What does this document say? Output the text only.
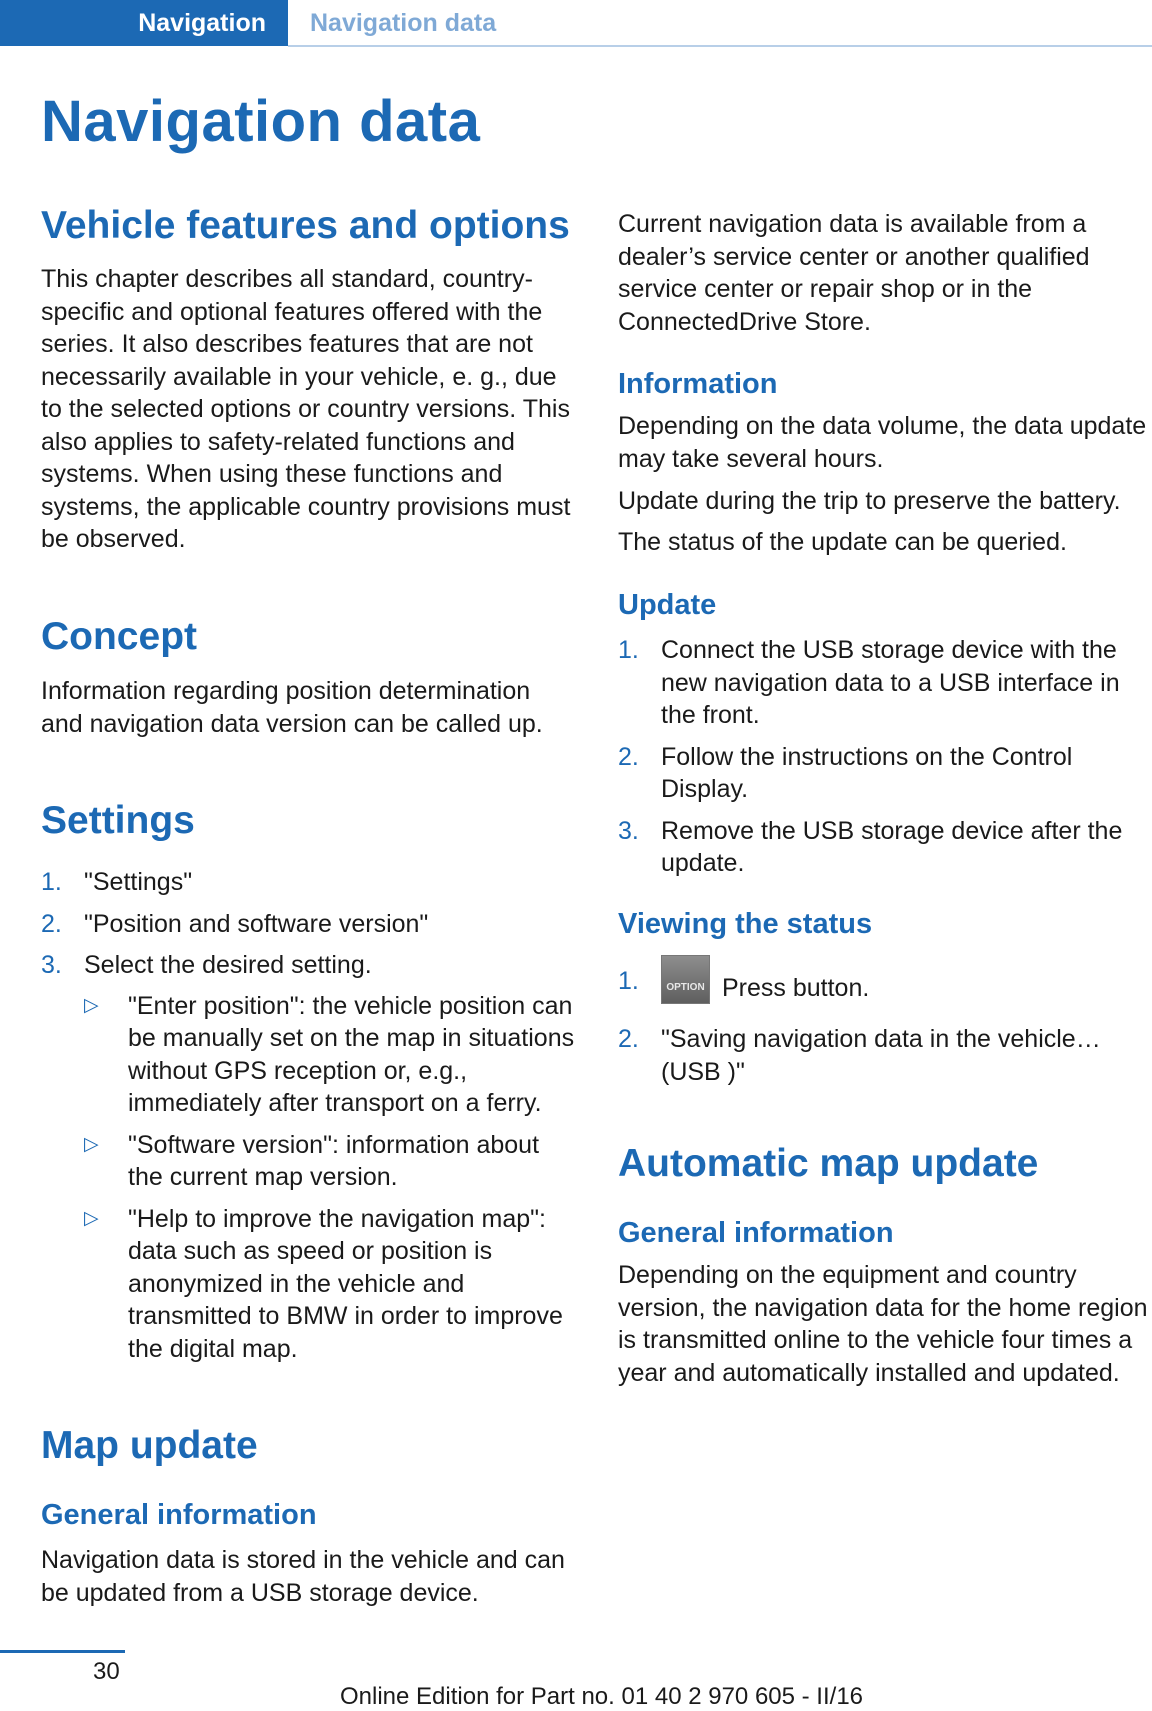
Navigation	Navigation data
Navigation data
Vehicle features and options

This chapter describes all standard, country-specific and optional features offered with the series. It also describes features that are not necessarily available in your vehicle, e. g., due to the selected options or country versions. This also applies to safety-related functions and systems. When using these functions and systems, the applicable country provisions must be observed.

Concept

Information regarding position determination and navigation data version can be called up.

Settings
1. "Settings"
2. "Position and software version"
3. Select the desired setting.
▷ "Enter position": the vehicle position can be manually set on the map in situations without GPS reception or, e.g., immediately after transport on a ferry.
▷ "Software version": information about the current map version.
▷ "Help to improve the navigation map": data such as speed or position is anonymized in the vehicle and transmitted to BMW in order to improve the digital map.
Map update
General information

Navigation data is stored in the vehicle and can be updated from a USB storage device.

Current navigation data is available from a dealer’s service center or another qualified service center or repair shop or in the ConnectedDrive Store.

Information

Depending on the data volume, the data update may take several hours.

Update during the trip to preserve the battery.

The status of the update can be queried.

Update
1. Connect the USB storage device with the new navigation data to a USB interface in the front.
2. Follow the instructions on the Control Display.
3. Remove the USB storage device after the update.
Viewing the status
1.	OPTION Press button.
2. "Saving navigation data in the vehicle… (USB )"
Automatic map update
General information

Depending on the equipment and country version, the navigation data for the home region is transmitted online to the vehicle four times a year and automatically installed and updated.

30
Online Edition for Part no. 01 40 2 970 605 - II/16
